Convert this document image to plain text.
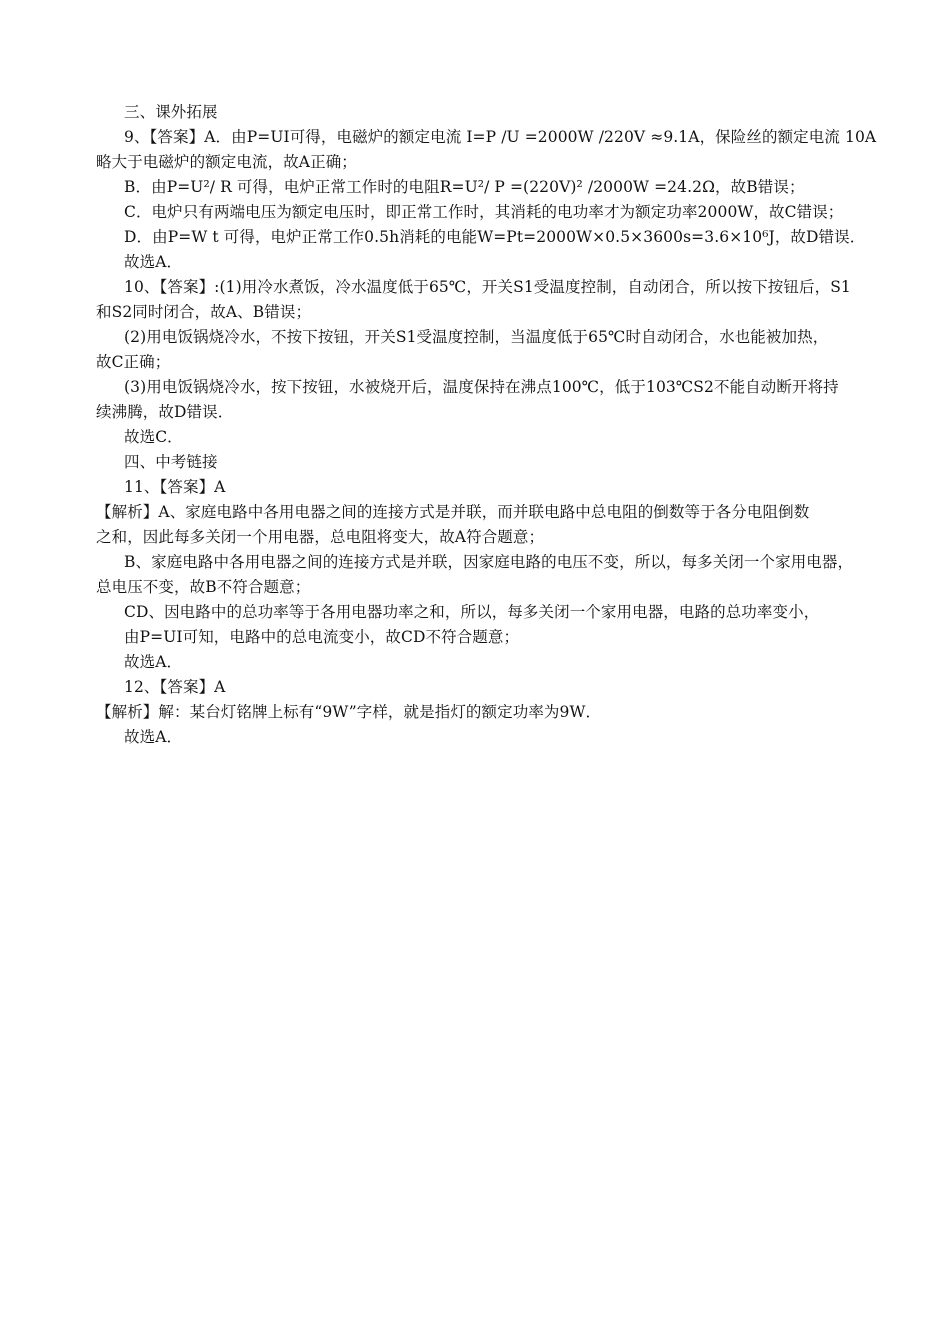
三、课外拓展
9、【答案】A．由P=UI可得，电磁炉的额定电流 I=P /U =2000W /220V ≈9.1A，保险丝的额定电流 10A
略大于电磁炉的额定电流，故A正确；
B．由P=U²/ R 可得，电炉正常工作时的电阻R=U²/ P =(220V)² /2000W =24.2Ω，故B错误；
C．电炉只有两端电压为额定电压时，即正常工作时，其消耗的电功率才为额定功率2000W，故C错误；
D．由P=W t 可得，电炉正常工作0.5h消耗的电能W=Pt=2000W×0.5×3600s=3.6×10⁶J，故D错误．
故选A．
10、【答案】:(1)用冷水煮饭，冷水温度低于65℃，开关S1受温度控制，自动闭合，所以按下按钮后，S1
和S2同时闭合，故A、B错误；
(2)用电饭锅烧冷水，不按下按钮，开关S1受温度控制，当温度低于65℃时自动闭合，水也能被加热，
故C正确；
(3)用电饭锅烧冷水，按下按钮，水被烧开后，温度保持在沸点100℃，低于103℃S2不能自动断开将持
续沸腾，故D错误．
故选C．
四、中考链接
11、【答案】A
【解析】A、家庭电路中各用电器之间的连接方式是并联，而并联电路中总电阻的倒数等于各分电阻倒数
之和，因此每多关闭一个用电器，总电阻将变大，故A符合题意；
B、家庭电路中各用电器之间的连接方式是并联，因家庭电路的电压不变，所以，每多关闭一个家用电器，
总电压不变，故B不符合题意；
CD、因电路中的总功率等于各用电器功率之和，所以，每多关闭一个家用电器，电路的总功率变小，
由P=UI可知，电路中的总电流变小，故CD不符合题意；
故选A．
12、【答案】A
【解析】解：某台灯铭牌上标有“9W”字样，就是指灯的额定功率为9W．
故选A．
